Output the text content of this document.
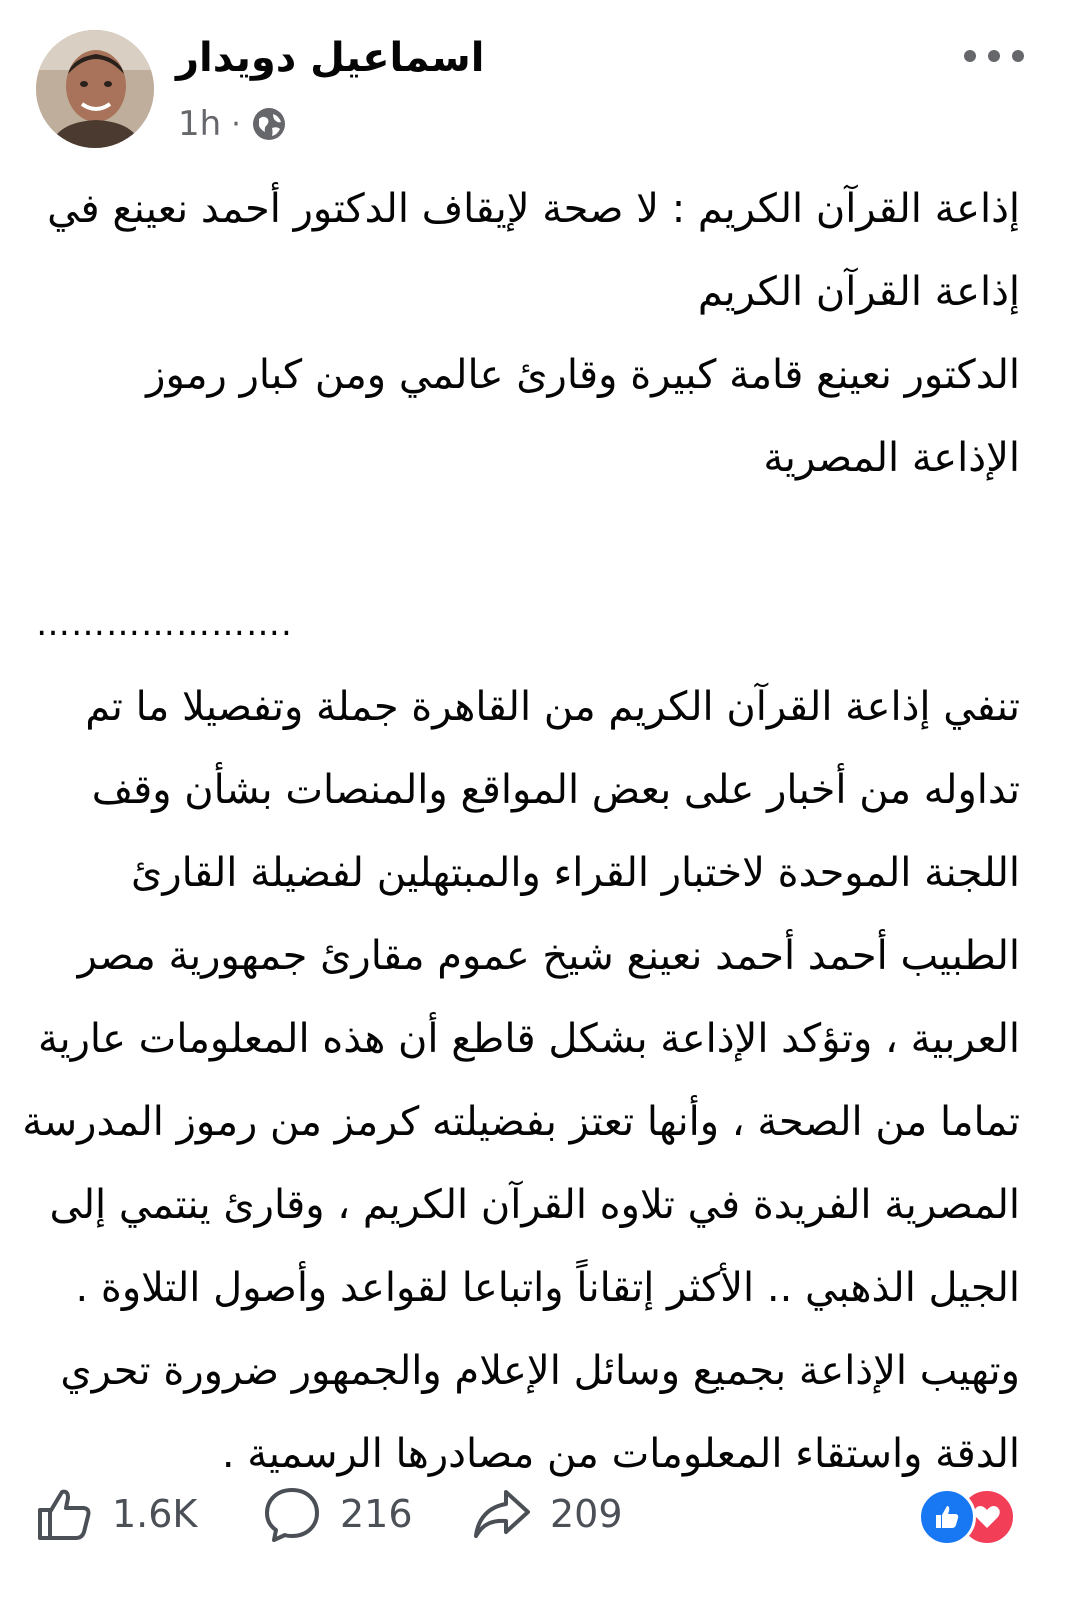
اسماعيل دويدار
1h ·

إذاعة القرآن الكريم : لا صحة لإيقاف الدكتور أحمد نعينع في

إذاعة القرآن الكريم

الدكتور نعينع قامة كبيرة وقارئ عالمي ومن كبار رموز

الإذاعة المصرية

………………….

تنفي إذاعة القرآن الكريم من القاهرة جملة وتفصيلا ما تم

تداوله من أخبار على بعض المواقع والمنصات بشأن وقف

اللجنة الموحدة لاختبار القراء والمبتهلين لفضيلة القارئ

الطبيب أحمد أحمد نعينع شيخ عموم مقارئ جمهورية مصر

العربية ، وتؤكد الإذاعة بشكل قاطع أن هذه المعلومات عارية

تماما من الصحة ، وأنها تعتز بفضيلته كرمز من رموز المدرسة

المصرية الفريدة في تلاوه القرآن الكريم ، وقارئ ينتمي إلى

الجيل الذهبي .. الأكثر إتقاناً واتباعا لقواعد وأصول التلاوة .

وتهيب الإذاعة بجميع وسائل الإعلام والجمهور ضرورة تحري

الدقة واستقاء المعلومات من مصادرها الرسمية .

1.6K	216	209
